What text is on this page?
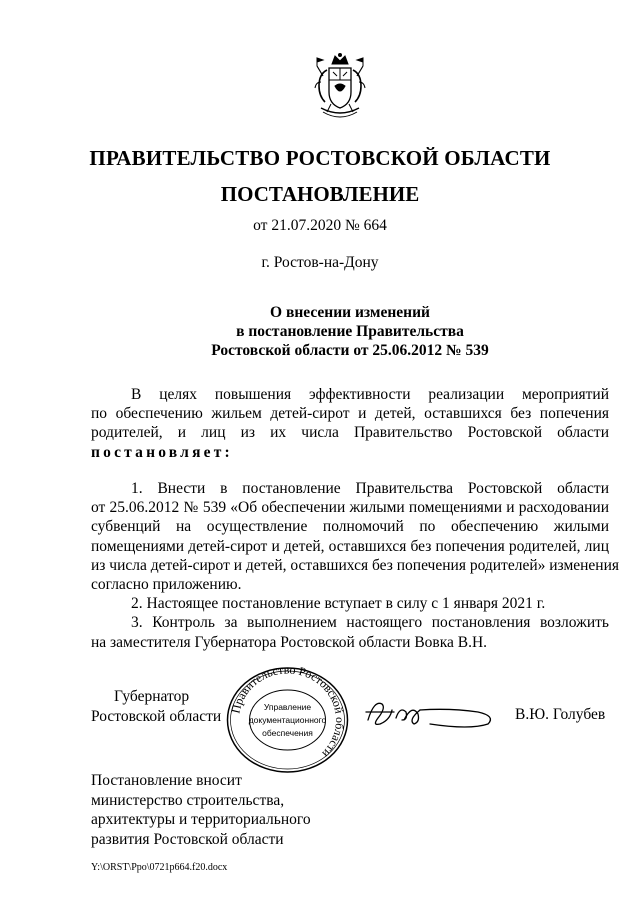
ПРАВИТЕЛЬСТВО РОСТОВСКОЙ ОБЛАСТИ
ПОСТАНОВЛЕНИЕ
от 21.07.2020 № 664
г. Ростов-на-Дону
О внесении изменений
в постановление Правительства
Ростовской области от 25.06.2012 № 539
В целях повышения эффективности реализации мероприятий
по обеспечению жильем детей-сирот и детей, оставшихся без попечения
родителей, и лиц из их числа Правительство Ростовской области
постановляет:
1. Внести в постановление Правительства Ростовской области
от 25.06.2012 № 539 «Об обеспечении жилыми помещениями и расходовании
субвенций на осуществление полномочий по обеспечению жилыми
помещениями детей-сирот и детей, оставшихся без попечения родителей, лиц
из числа детей-сирот и детей, оставшихся без попечения родителей» изменения
согласно приложению.
2. Настоящее постановление вступает в силу с 1 января 2021 г.
3. Контроль за выполнением настоящего постановления возложить
на заместителя Губернатора Ростовской области Вовка В.Н.
Губернатор
Ростовской области Правительство Ростовской области
Управление
документационного
обеспечения
В.Ю. Голубев
Постановление вносит
министерство строительства,
архитектуры и территориального
развития Ростовской области
Y:\ORST\Ppo\0721p664.f20.docx
